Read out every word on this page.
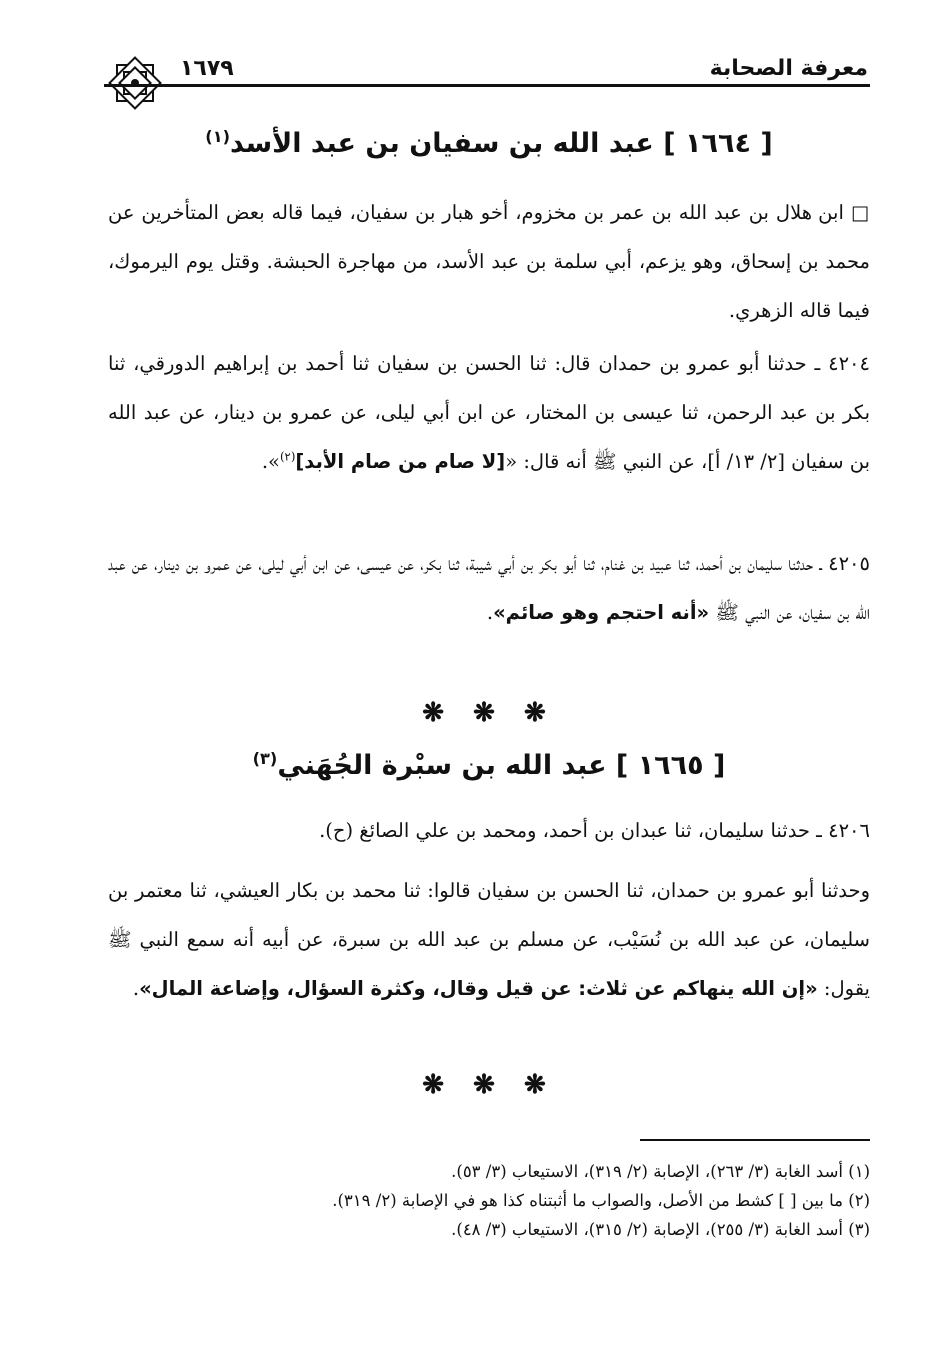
معرفة الصحابة
١٦٧٩
[ ١٦٦٤ ] عبد الله بن سفيان بن عبد الأسد$^{(١)}$
□ ابن هلال بن عبد الله بن عمر بن مخزوم، أخو هبار بن سفيان، فيما قاله بعض المتأخرين عن محمد بن إسحاق، وهو يزعم، أبي سلمة بن عبد الأسد، من مهاجرة الحبشة. وقتل يوم اليرموك، فيما قاله الزهري.
٤٢٠٤ ـ حدثنا أبو عمرو بن حمدان قال: ثنا الحسن بن سفيان ثنا أحمد بن إبراهيم الدورقي، ثنا بكر بن عبد الرحمن، ثنا عيسى بن المختار، عن ابن أبي ليلى، عن عمرو بن دينار، عن عبد الله بن سفيان [٢/ ١٣/ أ]، عن النبي ﷺ أنه قال: «[لا صام من صام الأبد]$^{(٢)}$».
٤٢٠٥ ـ حدثنا سليمان بن أحمد، ثنا عبيد بن غنام، ثنا أبو بكر بن أبي شيبة، ثنا بكر، عن عيسى، عن ابن أبي ليلى، عن عمرو بن دينار، عن عبد الله بن سفيان، عن النبي ﷺ «أنه احتجم وهو صائم».
❋ ❋ ❋
[ ١٦٦٥ ] عبد الله بن سبْرة الجُهَني$^{(٣)}$
٤٢٠٦ ـ حدثنا سليمان، ثنا عبدان بن أحمد، ومحمد بن علي الصائغ (ح).
وحدثنا أبو عمرو بن حمدان، ثنا الحسن بن سفيان قالوا: ثنا محمد بن بكار العيشي، ثنا معتمر بن سليمان، عن عبد الله بن نُسَيْب، عن مسلم بن عبد الله بن سبرة، عن أبيه أنه سمع النبي ﷺ يقول: «إن الله ينهاكم عن ثلاث: عن قيل وقال، وكثرة السؤال، وإضاعة المال».
❋ ❋ ❋
(١) أسد الغابة (٣/ ٢٦٣)، الإصابة (٢/ ٣١٩)، الاستيعاب (٣/ ٥٣).
(٢) ما بين [ ] كشط من الأصل، والصواب ما أثبتناه كذا هو في الإصابة (٢/ ٣١٩).
(٣) أسد الغابة (٣/ ٢٥٥)، الإصابة (٢/ ٣١٥)، الاستيعاب (٣/ ٤٨).
